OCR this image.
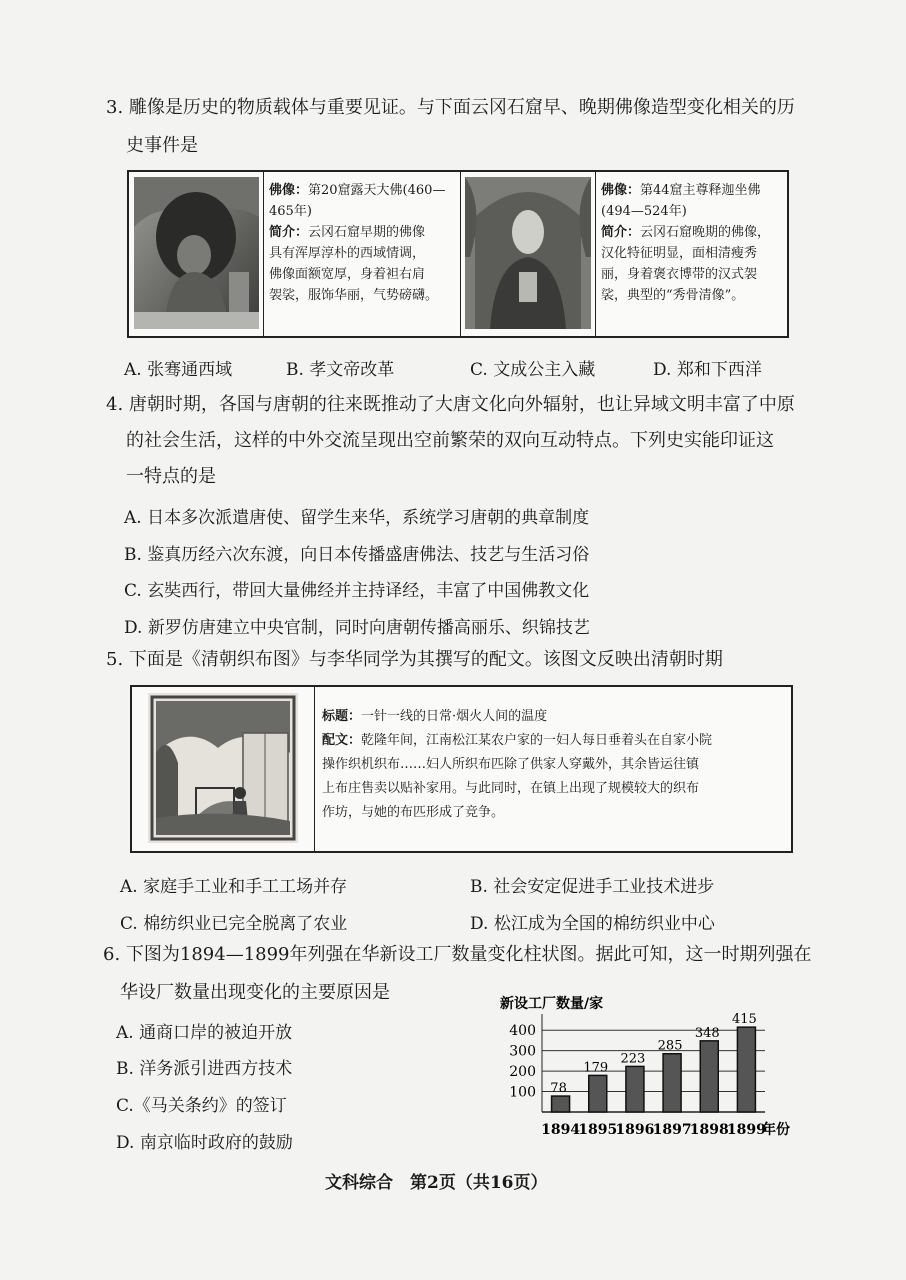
3. 雕像是历史的物质载体与重要见证。与下面云冈石窟早、晚期佛像造型变化相关的历
史事件是
佛像：第20窟露天大佛(460—
465年)
简介：云冈石窟早期的佛像
具有浑厚淳朴的西域情调，
佛像面额宽厚，身着袒右肩
袈裟，服饰华丽，气势磅礴。
佛像：第44窟主尊释迦坐佛
(494—524年)
简介：云冈石窟晚期的佛像，
汉化特征明显，面相清瘦秀
丽，身着褒衣博带的汉式袈
裟，典型的“秀骨清像”。
A. 张骞通西域	B. 孝文帝改革	C. 文成公主入藏	D. 郑和下西洋
4. 唐朝时期，各国与唐朝的往来既推动了大唐文化向外辐射，也让异域文明丰富了中原
的社会生活，这样的中外交流呈现出空前繁荣的双向互动特点。下列史实能印证这
一特点的是
A. 日本多次派遣唐使、留学生来华，系统学习唐朝的典章制度
B. 鉴真历经六次东渡，向日本传播盛唐佛法、技艺与生活习俗
C. 玄奘西行，带回大量佛经并主持译经，丰富了中国佛教文化
D. 新罗仿唐建立中央官制，同时向唐朝传播高丽乐、织锦技艺
5. 下面是《清朝织布图》与李华同学为其撰写的配文。该图文反映出清朝时期
标题：一针一线的日常·烟火人间的温度
配文：乾隆年间，江南松江某农户家的一妇人每日垂着头在自家小院
操作织机织布……妇人所织布匹除了供家人穿戴外，其余皆运往镇
上布庄售卖以贴补家用。与此同时，在镇上出现了规模较大的织布
作坊，与她的布匹形成了竞争。
A. 家庭手工业和手工工场并存	B. 社会安定促进手工业技术进步
C. 棉纺织业已完全脱离了农业	D. 松江成为全国的棉纺织业中心
6. 下图为1894—1899年列强在华新设工厂数量变化柱状图。据此可知，这一时期列强在
华设厂数量出现变化的主要原因是
A. 通商口岸的被迫开放
B. 洋务派引进西方技术
C.《马关条约》的签订
D. 南京临时政府的鼓励
新设工厂数量/家
100
200
300
400
78
179
223
285
348
415
1894
1895
1896
1897
1898
1899
年份
文科综合　第2页（共16页）
